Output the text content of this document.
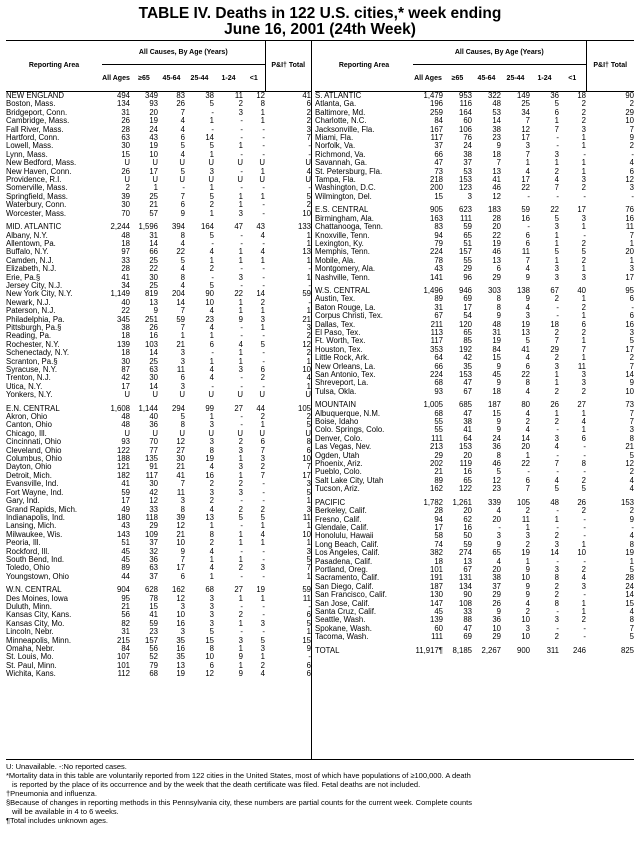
TABLE IV. Deaths in 122 U.S. cities,* week ending
June 16, 2001 (24th Week)
Reporting Area	All Causes, By Age (Years)						P&I† Total
	All Ages	≥65	45-64	25-44	1-24	<1	
NEW ENGLAND	494	349	83	38	11	12	41
Boston, Mass.	134	93	26	5	2	8	6
Bridgeport, Conn.	31	20	7	-	3	1	2
Cambridge, Mass.	26	19	4	1	-	1	2
Fall River, Mass.	28	24	4	-	-	-	3
Hartford, Conn.	63	43	6	14	-	-	7
Lowell, Mass.	30	19	5	5	1	-	-
Lynn, Mass.	15	10	4	1	-	-	-
New Bedford, Mass.	U	U	U	U	U	U	U
New Haven, Conn.	26	17	5	3	-	1	4
Providence, R.I.	U	U	U	U	U	U	U
Somerville, Mass.	2	1	-	1	-	-	-
Springfield, Mass.	39	25	7	5	1	1	5
Waterbury, Conn.	30	21	6	2	1	-	2
Worcester, Mass.	70	57	9	1	3	-	10

MID. ATLANTIC	2,244	1,596	394	164	47	43	133
Albany, N.Y.	48	31	8	5	-	4	1
Allentown, Pa.	18	14	4	-	-	-	1
Buffalo, N.Y.	97	66	22	4	1	4	13
Camden, N.J.	33	25	5	1	1	1	1
Elizabeth, N.J.	28	22	4	2	-	-	-
Erie, Pa.§	41	30	8	-	3	-	1
Jersey City, N.J.	34	25	4	5	-	-	-
New York City, N.Y.	1,149	819	204	90	22	14	59
Newark, N.J.	40	13	14	10	1	2	-
Paterson, N.J.	22	9	7	4	1	1	1
Philadelphia, Pa.	345	251	59	23	9	3	21
Pittsburgh, Pa.§	38	26	7	4	-	1	3
Reading, Pa.	18	16	1	1	-	-	2
Rochester, N.Y.	139	103	21	6	4	5	12
Schenectady, N.Y.	18	14	3	-	1	-	2
Scranton, Pa.§	30	25	3	1	1	-	1
Syracuse, N.Y.	87	63	11	4	3	6	10
Trenton, N.J.	42	30	6	4	-	2	4
Utica, N.Y.	17	14	3	-	-	-	1
Yonkers, N.Y.	U	U	U	U	U	U	U

E.N. CENTRAL	1,608	1,144	294	99	27	44	105
Akron, Ohio	48	40	5	1	-	2	2
Canton, Ohio	48	36	8	3	-	1	5
Chicago, Ill.	U	U	U	U	U	U	U
Cincinnati, Ohio	93	70	12	3	2	6	8
Cleveland, Ohio	122	77	27	8	3	7	6
Columbus, Ohio	188	135	30	19	1	3	10
Dayton, Ohio	121	91	21	4	3	2	7
Detroit, Mich.	182	117	41	16	1	7	17
Evansville, Ind.	41	30	7	2	2	-	3
Fort Wayne, Ind.	59	42	11	3	3	-	5
Gary, Ind.	17	12	3	2	-	-	1
Grand Rapids, Mich.	49	33	8	4	2	2	3
Indianapolis, Ind.	180	118	39	13	5	5	11
Lansing, Mich.	43	29	12	1	-	1	1
Milwaukee, Wis.	143	109	21	8	1	4	10
Peoria, Ill.	51	37	10	2	1	1	1
Rockford, Ill.	45	32	9	4	-	-	3
South Bend, Ind.	45	36	7	1	1	-	5
Toledo, Ohio	89	63	17	4	2	3	7
Youngstown, Ohio	44	37	6	1	-	-	1

W.N. CENTRAL	904	628	162	68	27	19	59
Des Moines, Iowa	95	78	12	3	1	1	11
Duluth, Minn.	21	15	3	3	-	-	-
Kansas City, Kans.	56	41	10	3	2	-	6
Kansas City, Mo.	82	59	16	3	1	3	5
Lincoln, Nebr.	31	23	3	5	-	-	1
Minneapolis, Minn.	215	157	35	15	3	5	15
Omaha, Nebr.	84	56	16	8	1	3	9
St. Louis, Mo.	107	52	35	10	9	1	-
St. Paul, Minn.	101	79	13	6	1	2	6
Wichita, Kans.	112	68	19	12	9	4	6
Reporting Area	All Causes, By Age (Years)						P&I† Total
	All Ages	≥65	45-64	25-44	1-24	<1	
S. ATLANTIC	1,479	953	322	149	36	18	90
Atlanta, Ga.	196	116	48	25	5	2	2
Baltimore, Md.	259	164	53	34	6	2	29
Charlotte, N.C.	84	60	14	7	1	2	10
Jacksonville, Fla.	167	106	38	12	7	3	7
Miami, Fla.	117	76	23	17	-	1	9
Norfolk, Va.	37	24	9	3	-	1	2
Richmond, Va.	66	38	18	7	3	-	-
Savannah, Ga.	47	37	7	1	1	1	4
St. Petersburg, Fla.	73	53	13	4	2	1	6
Tampa, Fla.	218	153	41	17	4	3	12
Washington, D.C.	200	123	46	22	7	2	3
Wilmington, Del.	15	3	12	-	-	-	-

E.S. CENTRAL	905	623	183	59	22	17	76
Birmingham, Ala.	163	111	28	16	5	3	16
Chattanooga, Tenn.	83	59	20	-	3	1	11
Knoxville, Tenn.	94	65	22	6	1	-	7
Lexington, Ky.	79	51	19	6	1	2	1
Memphis, Tenn.	224	157	46	11	5	5	20
Mobile, Ala.	78	55	13	7	1	2	1
Montgomery, Ala.	43	29	6	4	3	1	3
Nashville, Tenn.	141	96	29	9	3	3	17

W.S. CENTRAL	1,496	946	303	138	67	40	95
Austin, Tex.	89	69	8	9	2	1	6
Baton Rouge, La.	31	17	8	4	-	2	-
Corpus Christi, Tex.	67	54	9	3	-	1	6
Dallas, Tex.	211	120	48	19	18	6	16
El Paso, Tex.	113	65	31	13	2	2	3
Ft. Worth, Tex.	117	85	19	5	7	1	5
Houston, Tex.	353	192	84	41	29	7	17
Little Rock, Ark.	64	42	15	4	2	1	2
New Orleans, La.	66	35	9	6	3	11	7
San Antonio, Tex.	224	153	45	22	1	3	14
Shreveport, La.	68	47	9	8	1	3	9
Tulsa, Okla.	93	67	18	4	2	2	10

MOUNTAIN	1,005	685	187	80	26	27	73
Albuquerque, N.M.	68	47	15	4	1	1	7
Boise, Idaho	55	38	9	2	2	4	7
Colo. Springs, Colo.	55	41	9	4	-	1	3
Denver, Colo.	111	64	24	14	3	6	8
Las Vegas, Nev.	213	153	36	20	4	-	21
Ogden, Utah	29	20	8	1	-	-	5
Phoenix, Ariz.	202	119	46	22	7	8	12
Pueblo, Colo.	21	16	5	-	-	-	2
Salt Lake City, Utah	89	65	12	6	4	2	4
Tucson, Ariz.	162	122	23	7	5	5	4

PACIFIC	1,782	1,261	339	105	48	26	153
Berkeley, Calif.	28	20	4	2	-	2	2
Fresno, Calif.	94	62	20	11	1	-	9
Glendale, Calif.	17	16	-	1	-	-	-
Honolulu, Hawaii	58	50	3	3	2	-	4
Long Beach, Calif.	74	59	9	2	3	1	8
Los Angeles, Calif.	382	274	65	19	14	10	19
Pasadena, Calif.	18	13	4	1	-	-	1
Portland, Oreg.	101	67	20	9	3	2	5
Sacramento, Calif.	191	131	38	10	8	4	28
San Diego, Calif.	187	134	37	9	2	3	24
San Francisco, Calif.	130	90	29	9	2	-	14
San Jose, Calif.	147	108	26	4	8	1	15
Santa Cruz, Calif.	45	33	9	2	-	1	4
Seattle, Wash.	139	88	36	10	3	2	8
Spokane, Wash.	60	47	10	3	-	-	7
Tacoma, Wash.	111	69	29	10	2	-	5

TOTAL	11,917¶	8,185	2,267	900	311	246	825
U: Unavailable. -:No reported cases.
*Mortality data in this table are voluntarily reported from 122 cities in the United States, most of which have populations of ≥100,000. A death
is reported by the place of its occurrence and by the week that the death certificate was filed. Fetal deaths are not included.
†Pneumonia and influenza.
§Because of changes in reporting methods in this Pennsylvania city, these numbers are partial counts for the current week. Complete counts
will be available in 4 to 6 weeks.
¶Total includes unknown ages.
